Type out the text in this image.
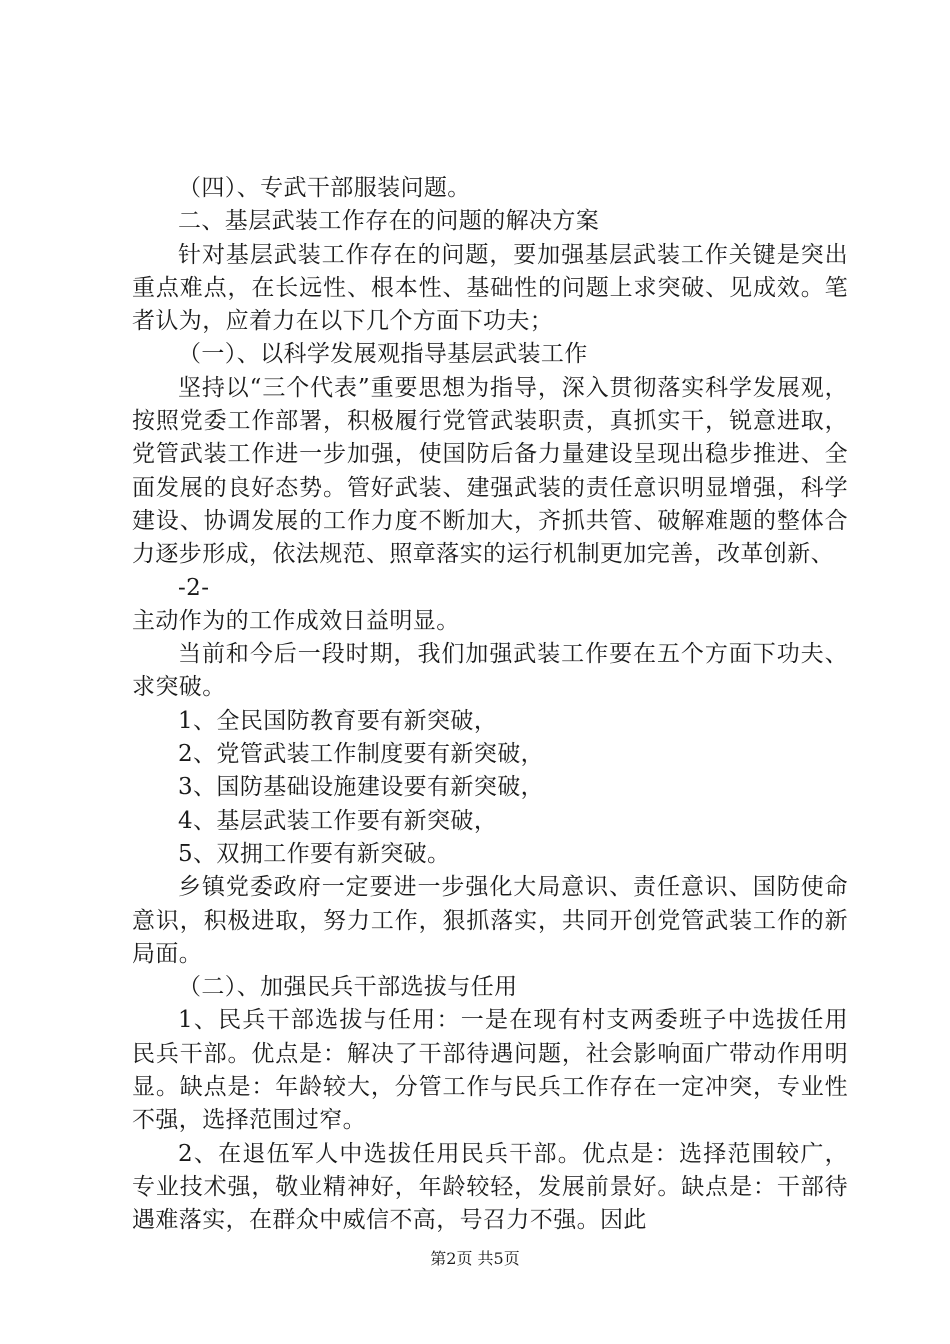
（四）、专武干部服装问题。

二、基层武装工作存在的问题的解决方案

针对基层武装工作存在的问题，要加强基层武装工作关键是突出重点难点，在长远性、根本性、基础性的问题上求突破、见成效。笔者认为，应着力在以下几个方面下功夫；

（一）、以科学发展观指导基层武装工作

坚持以“三个代表”重要思想为指导，深入贯彻落实科学发展观，按照党委工作部署，积极履行党管武装职责，真抓实干，锐意进取，党管武装工作进一步加强，使国防后备力量建设呈现出稳步推进、全面发展的良好态势。管好武装、建强武装的责任意识明显增强，科学建设、协调发展的工作力度不断加大，齐抓共管、破解难题的整体合力逐步形成，依法规范、照章落实的运行机制更加完善，改革创新、

-2-

主动作为的工作成效日益明显。

当前和今后一段时期，我们加强武装工作要在五个方面下功夫、求突破。

1、全民国防教育要有新突破，

2、党管武装工作制度要有新突破，

3、国防基础设施建设要有新突破，

4、基层武装工作要有新突破，

5、双拥工作要有新突破。

乡镇党委政府一定要进一步强化大局意识、责任意识、国防使命意识，积极进取，努力工作，狠抓落实，共同开创党管武装工作的新局面。

（二）、加强民兵干部选拔与任用

1、民兵干部选拔与任用：一是在现有村支两委班子中选拔任用民兵干部。优点是：解决了干部待遇问题，社会影响面广带动作用明显。缺点是：年龄较大，分管工作与民兵工作存在一定冲突，专业性不强，选择范围过窄。

2、在退伍军人中选拔任用民兵干部。优点是：选择范围较广，专业技术强，敬业精神好，年龄较轻，发展前景好。缺点是：干部待遇难落实，在群众中威信不高，号召力不强。因此

第2页 共5页
